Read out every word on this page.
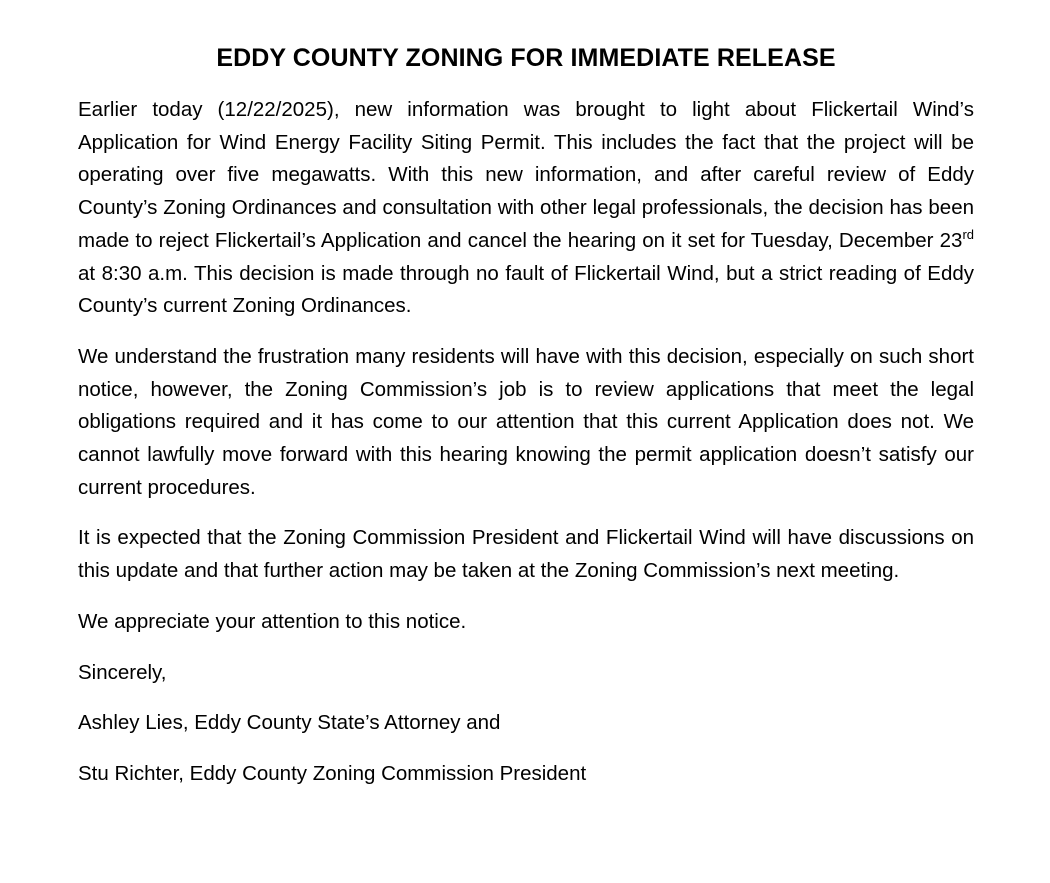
EDDY COUNTY ZONING FOR IMMEDIATE RELEASE

Earlier today (12/22/2025), new information was brought to light about Flickertail Wind’s Application for Wind Energy Facility Siting Permit. This includes the fact that the project will be operating over five megawatts. With this new information, and after careful review of Eddy County’s Zoning Ordinances and consultation with other legal professionals, the decision has been made to reject Flickertail’s Application and cancel the hearing on it set for Tuesday, December 23rd at 8:30 a.m. This decision is made through no fault of Flickertail Wind, but a strict reading of Eddy County’s current Zoning Ordinances.

We understand the frustration many residents will have with this decision, especially on such short notice, however, the Zoning Commission’s job is to review applications that meet the legal obligations required and it has come to our attention that this current Application does not. We cannot lawfully move forward with this hearing knowing the permit application doesn’t satisfy our current procedures.

It is expected that the Zoning Commission President and Flickertail Wind will have discussions on this update and that further action may be taken at the Zoning Commission’s next meeting.

We appreciate your attention to this notice.

Sincerely,

Ashley Lies, Eddy County State’s Attorney and

Stu Richter, Eddy County Zoning Commission President
